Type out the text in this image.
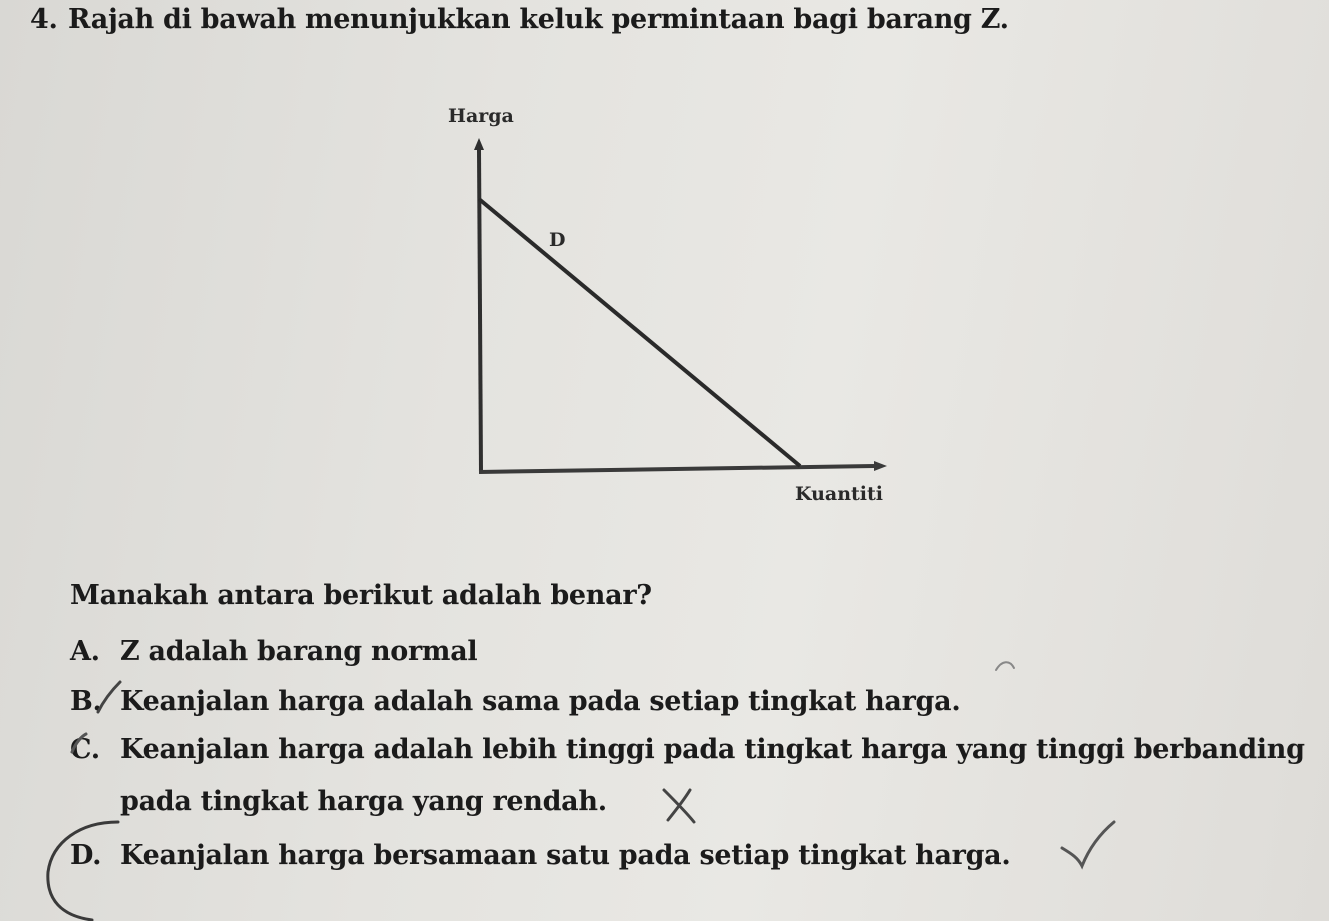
4. Rajah di bawah menunjukkan keluk permintaan bagi barang Z.
Harga
Kuantiti
D
Manakah antara berikut adalah benar?
A. Z adalah barang normal
B. Keanjalan harga adalah sama pada setiap tingkat harga.
C. Keanjalan harga adalah lebih tinggi pada tingkat harga yang tinggi berbanding
pada tingkat harga yang rendah.
D. Keanjalan harga bersamaan satu pada setiap tingkat harga.
